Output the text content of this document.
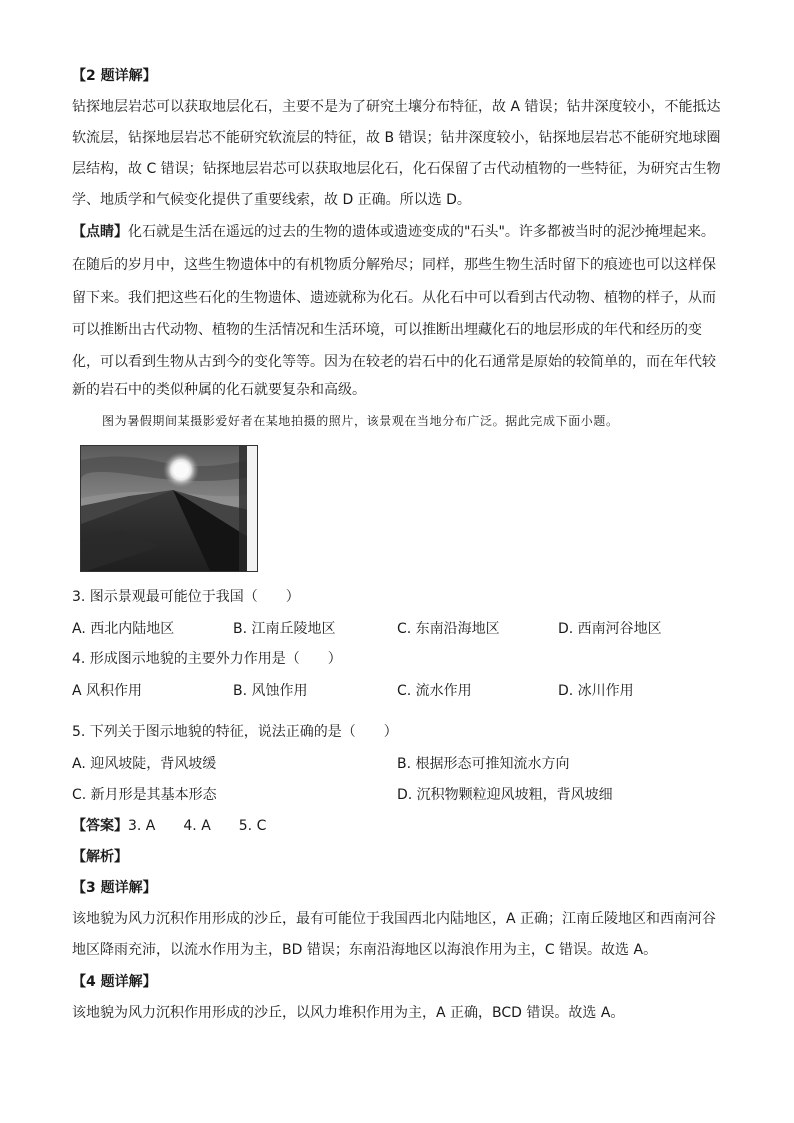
【2 题详解】
钻探地层岩芯可以获取地层化石，主要不是为了研究土壤分布特征，故 A 错误；钻井深度较小，不能抵达
软流层，钻探地层岩芯不能研究软流层的特征，故 B 错误；钻井深度较小，钻探地层岩芯不能研究地球圈
层结构，故 C 错误；钻探地层岩芯可以获取地层化石，化石保留了古代动植物的一些特征，为研究古生物
学、地质学和气候变化提供了重要线索，故 D 正确。所以选 D。
【点睛】化石就是生活在遥远的过去的生物的遗体或遗迹变成的"石头"。许多都被当时的泥沙掩埋起来。
在随后的岁月中，这些生物遗体中的有机物质分解殆尽；同样，那些生物生活时留下的痕迹也可以这样保
留下来。我们把这些石化的生物遗体、遗迹就称为化石。从化石中可以看到古代动物、植物的样子，从而
可以推断出古代动物、植物的生活情况和生活环境，可以推断出埋藏化石的地层形成的年代和经历的变
化，可以看到生物从古到今的变化等等。因为在较老的岩石中的化石通常是原始的较简单的，而在年代较
新的岩石中的类似种属的化石就要复杂和高级。
图为暑假期间某摄影爱好者在某地拍摄的照片，该景观在当地分布广泛。据此完成下面小题。
3. 图示景观最可能位于我国（　　）
A. 西北内陆地区	B. 江南丘陵地区	C. 东南沿海地区	D. 西南河谷地区
4. 形成图示地貌的主要外力作用是（　　）
A 风积作用	B. 风蚀作用	C. 流水作用	D. 冰川作用
5. 下列关于图示地貌的特征，说法正确的是（　　）
A. 迎风坡陡，背风坡缓	B. 根据形态可推知流水方向
C. 新月形是其基本形态	D. 沉积物颗粒迎风坡粗，背风坡细
【答案】3. A　　4. A　　5. C
【解析】
【3 题详解】
该地貌为风力沉积作用形成的沙丘，最有可能位于我国西北内陆地区，A 正确；江南丘陵地区和西南河谷
地区降雨充沛，以流水作用为主，BD 错误；东南沿海地区以海浪作用为主，C 错误。故选 A。
【4 题详解】
该地貌为风力沉积作用形成的沙丘，以风力堆积作用为主，A 正确，BCD 错误。故选 A。
